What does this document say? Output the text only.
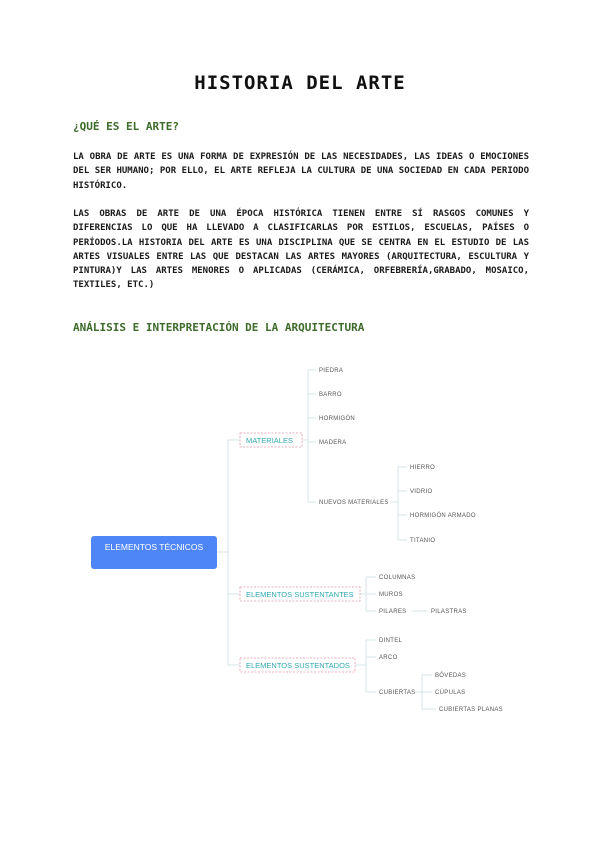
HISTORIA DEL ARTE
¿QUÉ ES EL ARTE?
LA OBRA DE ARTE ES UNA FORMA DE EXPRESIÓN DE LAS NECESIDADES, LAS IDEAS O EMOCIONES DEL SER HUMANO; POR ELLO, EL ARTE REFLEJA LA CULTURA DE UNA SOCIEDAD EN CADA PERIODO HISTÓRICO.
LAS OBRAS DE ARTE DE UNA ÉPOCA HISTÓRICA TIENEN ENTRE SÍ RASGOS COMUNES Y DIFERENCIAS LO QUE HA LLEVADO A CLASIFICARLAS POR ESTILOS, ESCUELAS, PAÍSES O PERÍODOS.LA HISTORIA DEL ARTE ES UNA DISCIPLINA QUE SE CENTRA EN EL ESTUDIO DE LAS ARTES VISUALES ENTRE LAS QUE DESTACAN LAS ARTES MAYORES (ARQUITECTURA, ESCULTURA Y PINTURA)Y LAS ARTES MENORES O APLICADAS (CERÁMICA, ORFEBRERÍA,GRABADO, MOSAICO, TEXTILES, ETC.)
ANÁLISIS E INTERPRETACIÓN DE LA ARQUITECTURA
ELEMENTOS TÉCNICOS
MATERIALES
PIEDRA
BARRO
HORMIGÓN
MADERA
NUEVOS MATERIALES
HIERRO
VIDRIO
HORMIGÓN ARMADO
TITANIO
ELEMENTOS SUSTENTANTES
COLUMNAS
MUROS
PILARES	PILASTRAS
ELEMENTOS SUSTENTADOS
DINTEL
ARCO
CUBIERTAS
BÓVEDAS
CÚPULAS
CUBIERTAS PLANAS
